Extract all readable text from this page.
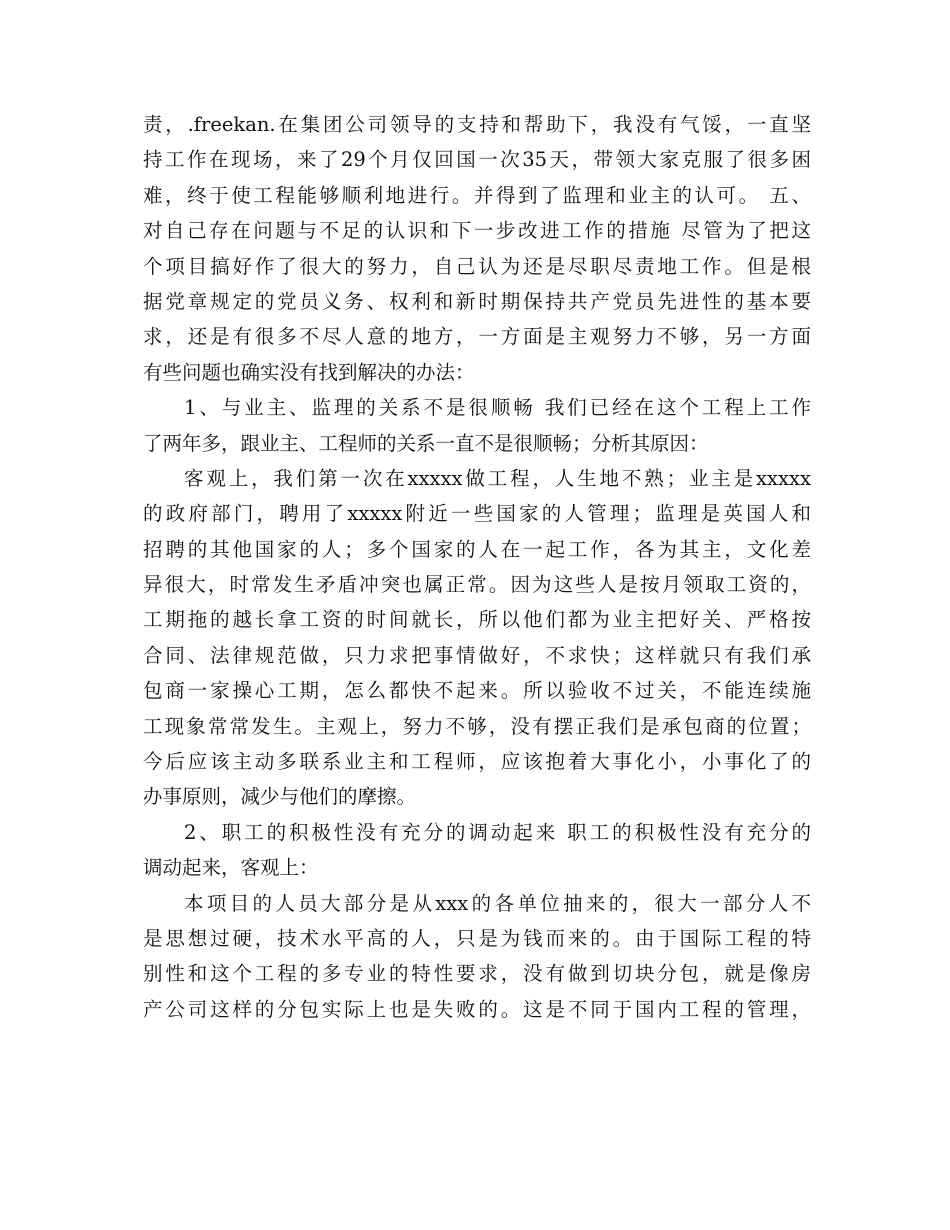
责，.freekan.在集团公司领导的支持和帮助下，我没有气馁，一直坚
持工作在现场，来了29个月仅回国一次35天，带领大家克服了很多困
难，终于使工程能够顺利地进行。并得到了监理和业主的认可。 五、
对自己存在问题与不足的认识和下一步改进工作的措施 尽管为了把这
个项目搞好作了很大的努力，自己认为还是尽职尽责地工作。但是根
据党章规定的党员义务、权利和新时期保持共产党员先进性的基本要
求，还是有很多不尽人意的地方，一方面是主观努力不够，另一方面
有些问题也确实没有找到解决的办法：
1、与业主、监理的关系不是很顺畅 我们已经在这个工程上工作
了两年多，跟业主、工程师的关系一直不是很顺畅；分析其原因：
客观上，我们第一次在xxxxx做工程，人生地不熟；业主是xxxxx
的政府部门，聘用了xxxxx附近一些国家的人管理；监理是英国人和
招聘的其他国家的人；多个国家的人在一起工作，各为其主，文化差
异很大，时常发生矛盾冲突也属正常。因为这些人是按月领取工资的，
工期拖的越长拿工资的时间就长，所以他们都为业主把好关、严格按
合同、法律规范做，只力求把事情做好，不求快；这样就只有我们承
包商一家操心工期，怎么都快不起来。所以验收不过关，不能连续施
工现象常常发生。主观上，努力不够，没有摆正我们是承包商的位置；
今后应该主动多联系业主和工程师，应该抱着大事化小，小事化了的
办事原则，减少与他们的摩擦。
2、职工的积极性没有充分的调动起来 职工的积极性没有充分的
调动起来，客观上：
本项目的人员大部分是从xxx的各单位抽来的，很大一部分人不
是思想过硬，技术水平高的人，只是为钱而来的。由于国际工程的特
别性和这个工程的多专业的特性要求，没有做到切块分包，就是像房
产公司这样的分包实际上也是失败的。这是不同于国内工程的管理，
